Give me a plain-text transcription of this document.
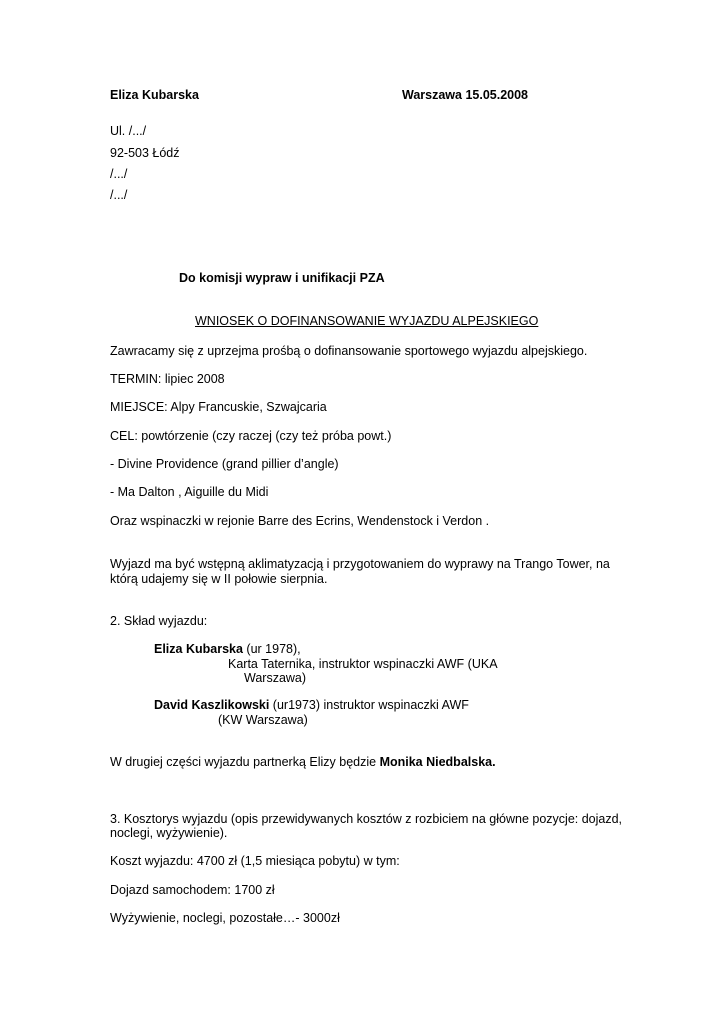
Eliza Kubarska	Warszawa 15.05.2008
Ul. /.../
92-503 Łódź
/.../
/.../
Do komisji wypraw i unifikacji PZA
WNIOSEK O DOFINANSOWANIE WYJAZDU ALPEJSKIEGO
Zawracamy się z uprzejma prośbą o dofinansowanie sportowego wyjazdu alpejskiego.
TERMIN: lipiec 2008
MIEJSCE: Alpy Francuskie, Szwajcaria
CEL: powtórzenie (czy raczej (czy też próba powt.)
- Divine Providence (grand pillier d’angle)
- Ma Dalton , Aiguille du Midi
Oraz wspinaczki w rejonie Barre des Ecrins, Wendenstock i Verdon .
Wyjazd ma być wstępną aklimatyzacją i przygotowaniem do wyprawy na Trango Tower, na
którą udajemy się w II połowie sierpnia.
2. Skład wyjazdu:
Eliza Kubarska (ur 1978),
Karta Taternika, instruktor wspinaczki AWF (UKA
Warszawa)
David Kaszlikowski (ur1973) instruktor wspinaczki AWF
(KW Warszawa)
W drugiej części wyjazdu partnerką Elizy będzie Monika Niedbalska.
3. Kosztorys wyjazdu (opis przewidywanych kosztów z rozbiciem na główne pozycje: dojazd,
noclegi, wyżywienie).
Koszt wyjazdu: 4700 zł (1,5 miesiąca pobytu) w tym:
Dojazd samochodem: 1700 zł
Wyżywienie, noclegi, pozostałe…- 3000zł
